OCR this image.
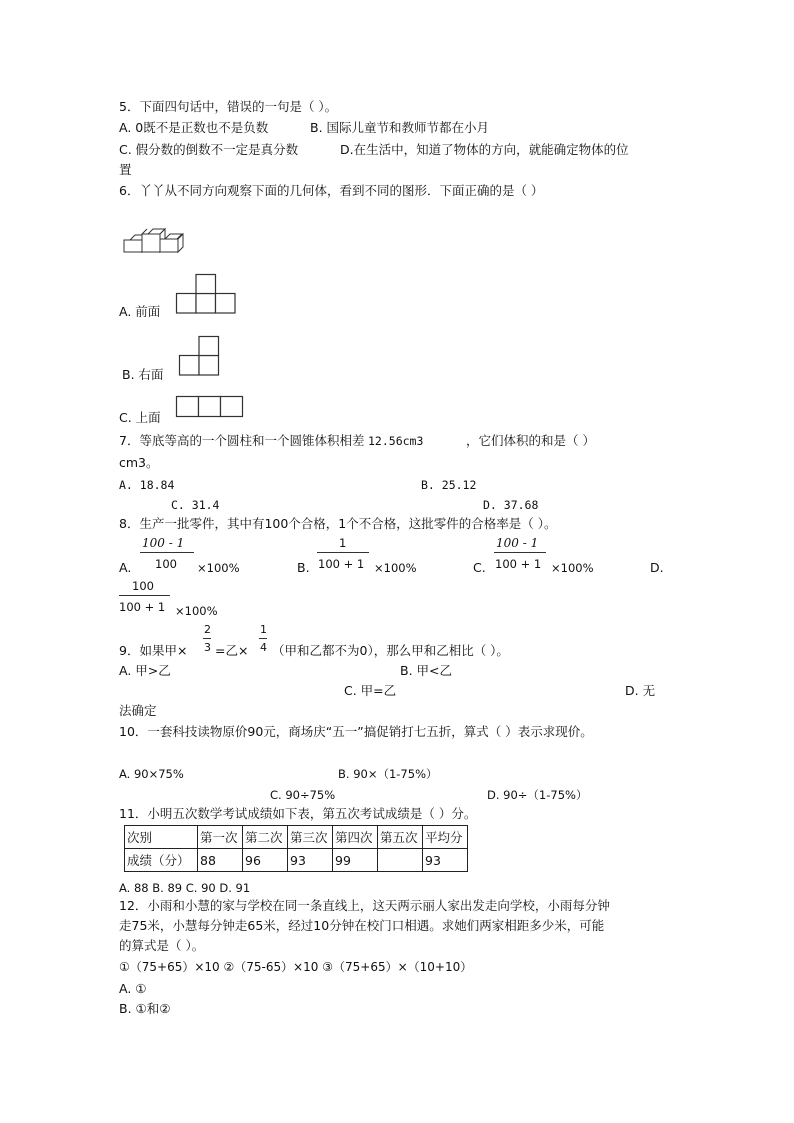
5．下面四句话中，错误的一句是（ ）。
A. 0既不是正数也不是负数	B. 国际儿童节和教师节都在小月
C. 假分数的倒数不一定是真分数	D.在生活中，知道了物体的方向，就能确定物体的位
置
6．丫丫从不同方向观察下面的几何体，看到不同的图形．下面正确的是（ ）
A. 前面
B. 右面
C. 上面
7．等底等高的一个圆柱和一个圆锥体积相差 12.56cm3	，它们体积的和是（ ）
cm3。
A. 18.84	B. 25.12
C. 31.4	D. 37.68
8．生产一批零件，其中有100个合格，1个不合格，这批零件的合格率是（ ）。
A.
100 - 1
100 ×100%	B.
1
100 + 1 ×100%	C.
100 - 1
100 + 1 ×100%	D.
100
100 + 1 ×100%
9．如果甲×
2
3 =乙×
1
4 （甲和乙都不为0），那么甲和乙相比（ ）。
A. 甲>乙	B. 甲<乙
C. 甲=乙	D. 无
法确定
10．一套科技读物原价90元，商场庆“五一”搞促销打七五折，算式（ ）表示求现价。
A. 90×75%	B. 90×（1-75%）
C. 90÷75%	D. 90÷（1-75%）
11．小明五次数学考试成绩如下表，第五次考试成绩是（ ）分。
次别	第一次	第二次	第三次	第四次	第五次	平均分
成绩（分）	88	96	93	99		93
A. 88 B. 89 C. 90 D. 91
12．小雨和小慧的家与学校在同一条直线上，这天两示丽人家出发走向学校，小雨每分钟
走75米，小慧每分钟走65米，经过10分钟在校门口相遇。求她们两家相距多少米，可能
的算式是（ ）。
①（75+65）×10 ②（75-65）×10 ③（75+65）×（10+10）
A. ①
B. ①和②
